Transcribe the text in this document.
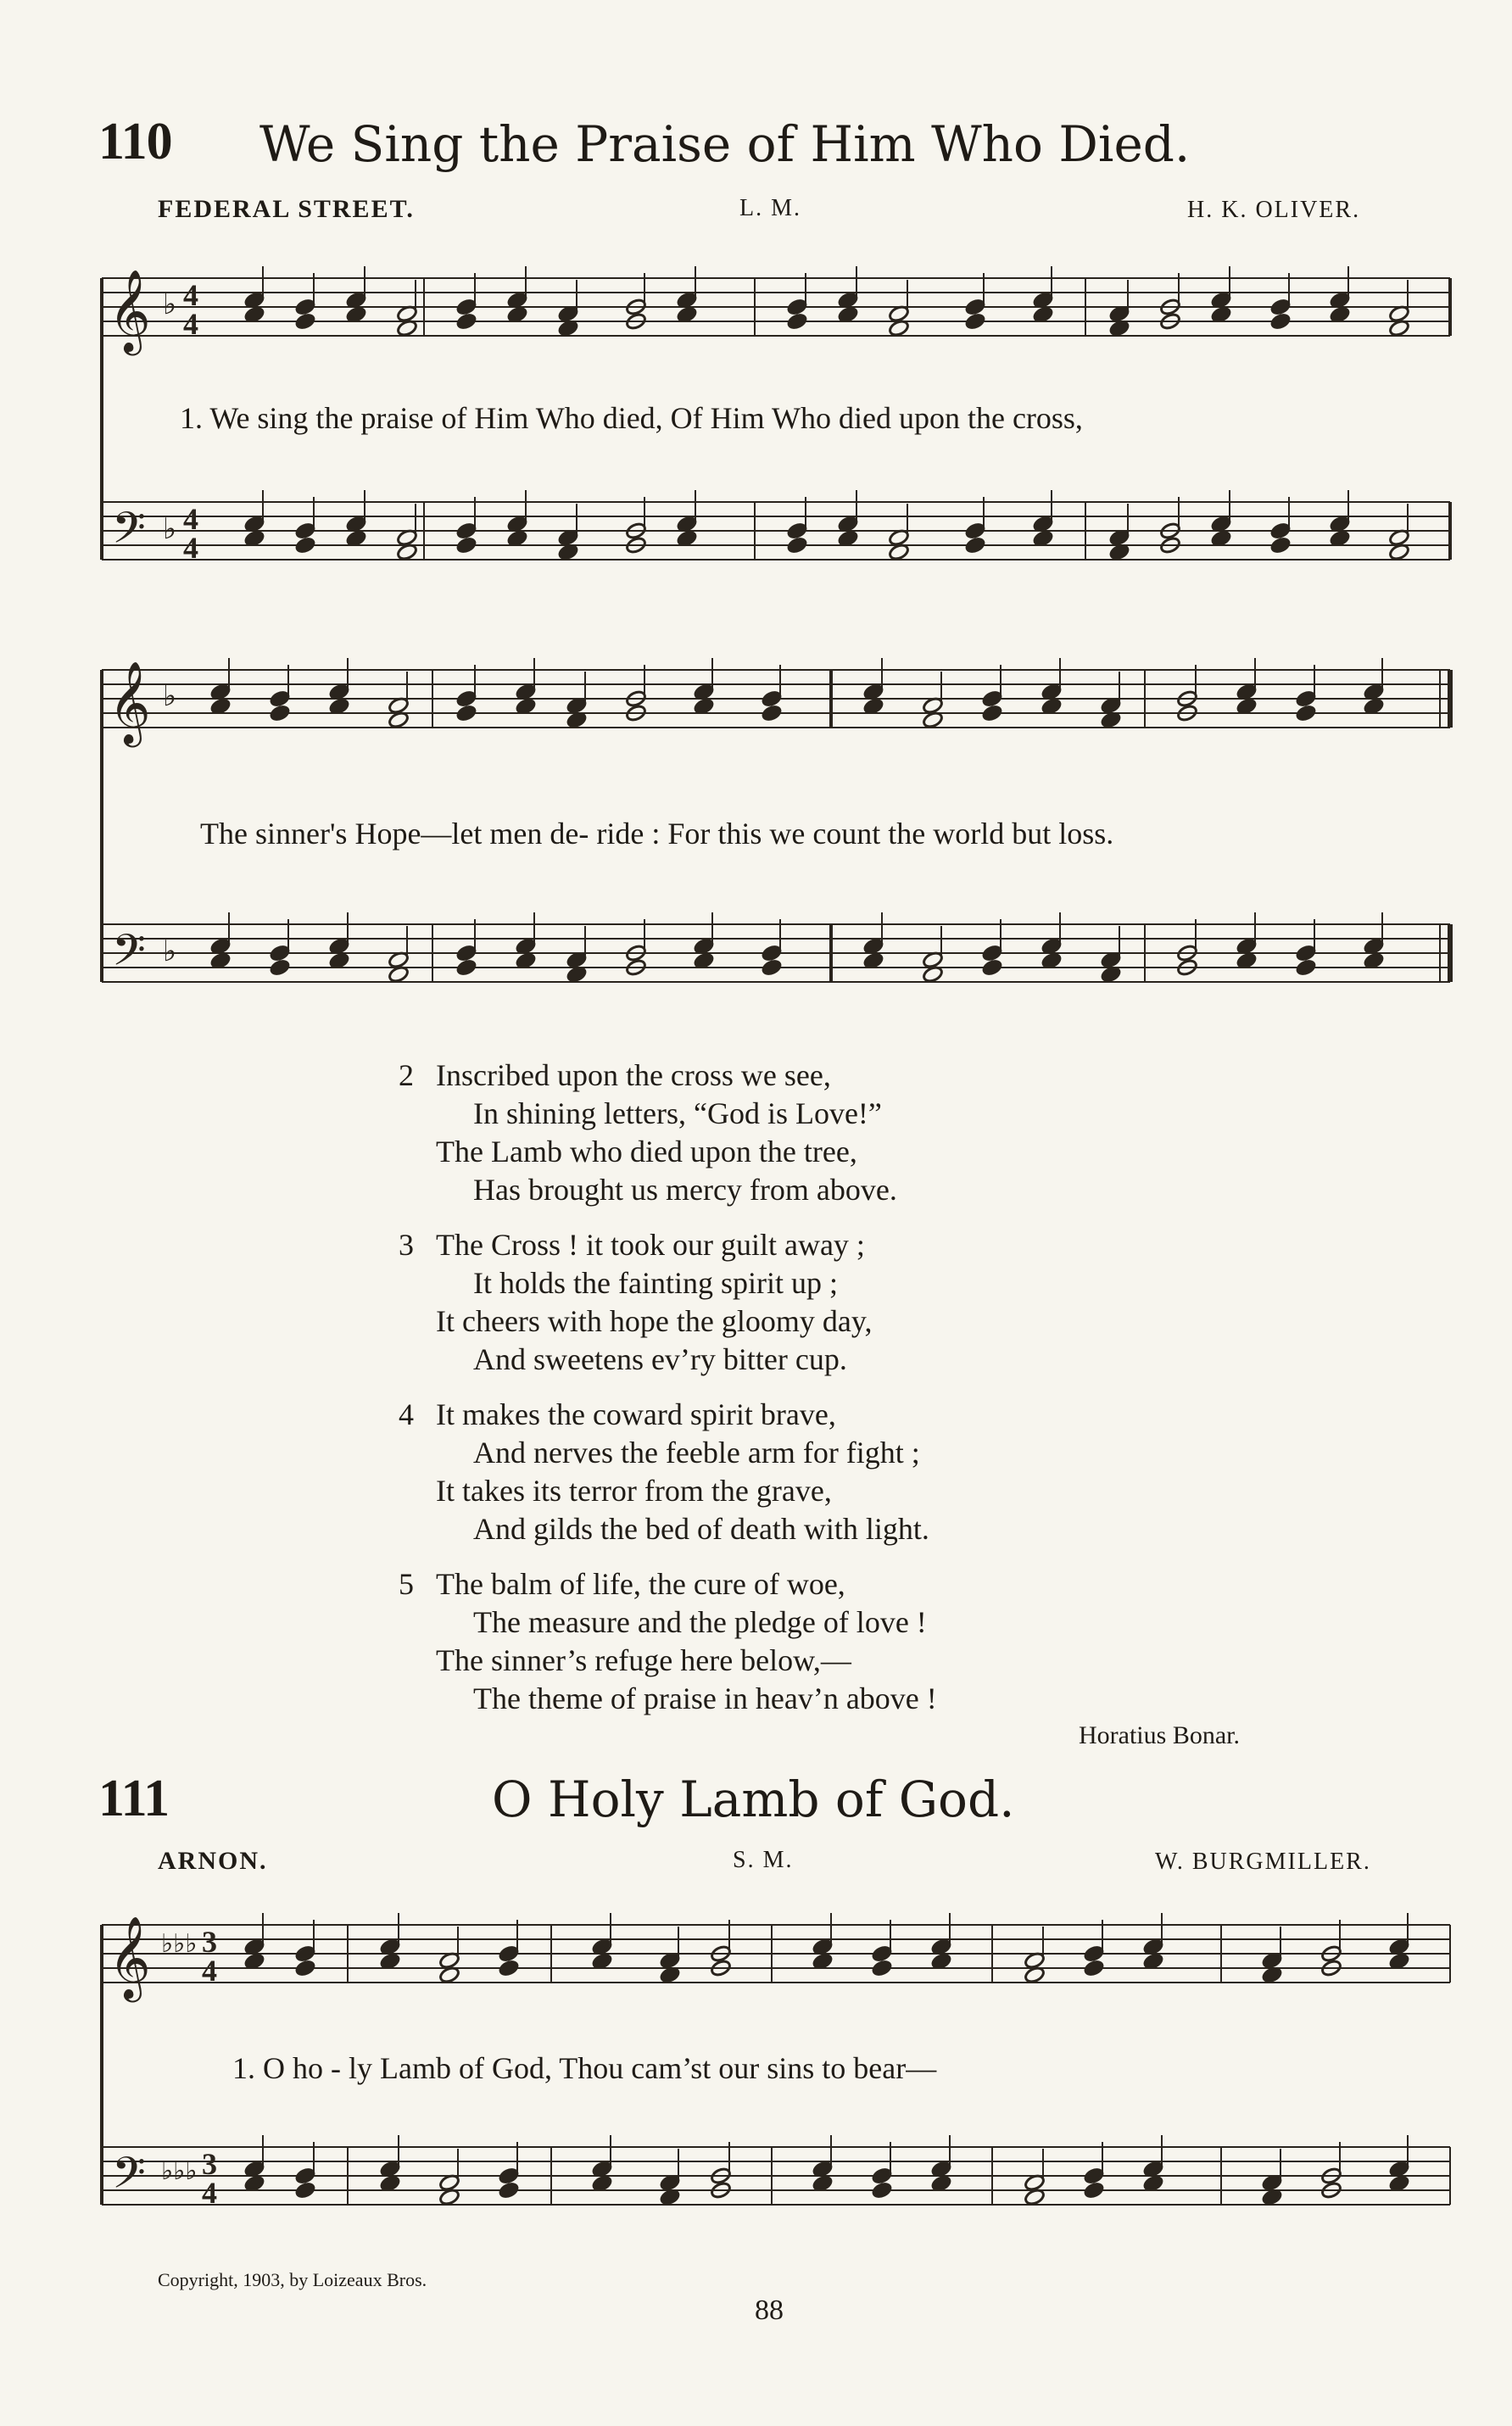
110 We Sing the Praise of Him Who Died.
FEDERAL STREET.	L. M.	H. K. OLIVER.
𝄞
𝄢
♭
♭
4
4
4
4
1. We sing the praise of Him Who died, Of Him Who died upon the cross,
𝄞
𝄢
♭
♭
The sinner's Hope—let men de- ride : For this we count the world but loss.
2 Inscribed upon the cross we see,
In shining letters, “God is Love!”
The Lamb who died upon the tree,
Has brought us mercy from above.
3 The Cross ! it took our guilt away ;
It holds the fainting spirit up ;
It cheers with hope the gloomy day,
And sweetens ev’ry bitter cup.
4 It makes the coward spirit brave,
And nerves the feeble arm for fight ;
It takes its terror from the grave,
And gilds the bed of death with light.
5 The balm of life, the cure of woe,
The measure and the pledge of love !
The sinner’s refuge here below,—
The theme of praise in heav’n above !
Horatius Bonar.
111	O Holy Lamb of God.
ARNON.	S. M.	W. BURGMILLER.
𝄞
𝄢
♭♭♭
♭♭♭
3
4
3
4
1. O ho - ly Lamb of God, Thou cam’st our sins to bear—
Copyright, 1903, by Loizeaux Bros.
88
